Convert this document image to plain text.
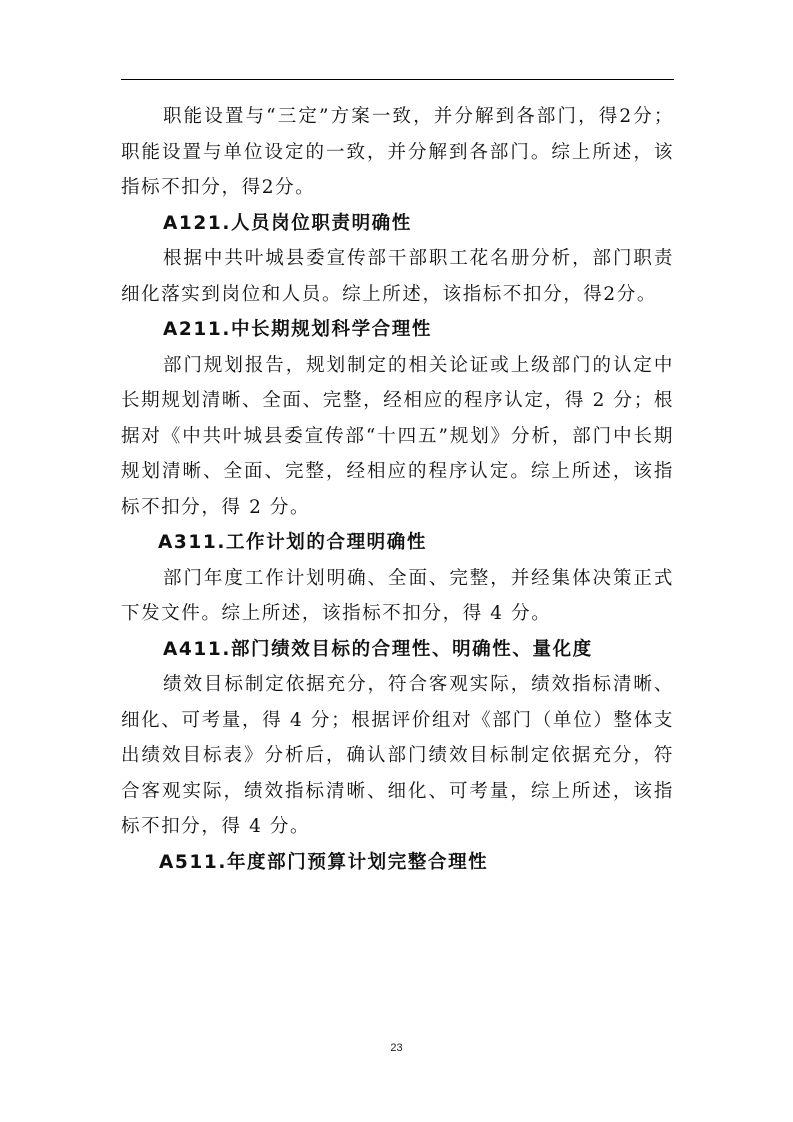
职能设置与“三定”方案一致，并分解到各部门，得2分；职能设置与单位设定的一致，并分解到各部门。综上所述，该指标不扣分，得2分。

A121.人员岗位职责明确性

根据中共叶城县委宣传部干部职工花名册分析，部门职责细化落实到岗位和人员。综上所述，该指标不扣分，得2分。

A211.中长期规划科学合理性

部门规划报告，规划制定的相关论证或上级部门的认定中长期规划清晰、全面、完整，经相应的程序认定，得 2 分；根据对《中共叶城县委宣传部“十四五”规划》分析，部门中长期规划清晰、全面、完整，经相应的程序认定。综上所述，该指标不扣分，得 2 分。

A311.工作计划的合理明确性

部门年度工作计划明确、全面、完整，并经集体决策正式下发文件。综上所述，该指标不扣分，得 4 分。

A411.部门绩效目标的合理性、明确性、量化度

绩效目标制定依据充分，符合客观实际，绩效指标清晰、细化、可考量，得 4 分；根据评价组对《部门（单位）整体支出绩效目标表》分析后，确认部门绩效目标制定依据充分，符合客观实际，绩效指标清晰、细化、可考量，综上所述，该指标不扣分，得 4 分。

A511.年度部门预算计划完整合理性
23
